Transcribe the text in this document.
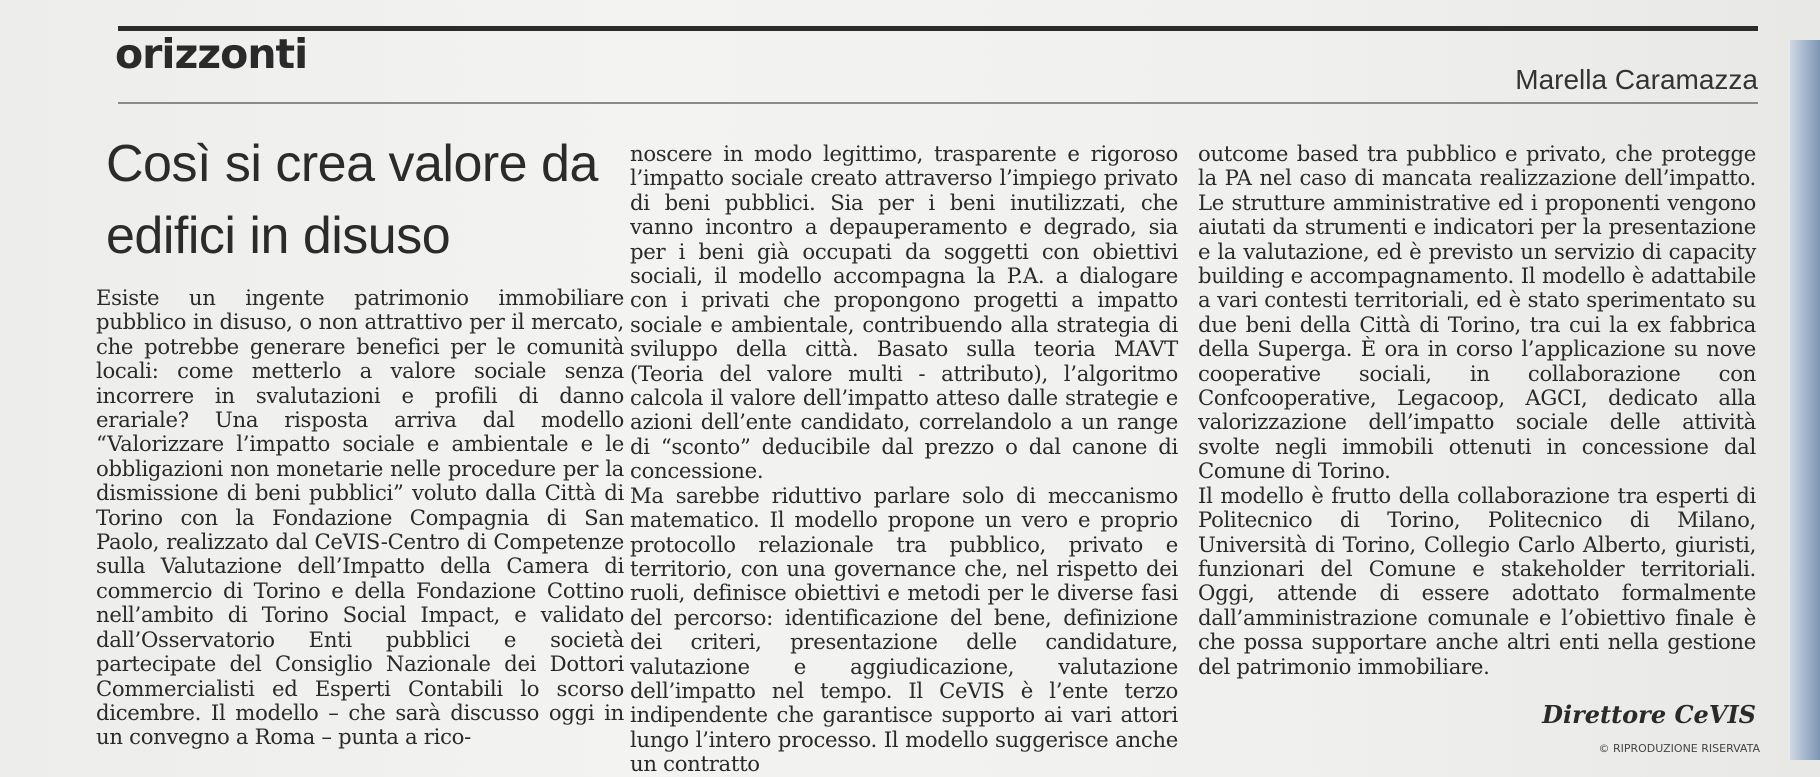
orizzonti
Marella Caramazza
Così si crea valore da edifici in disuso

Esiste un ingente patrimonio immobiliare pubblico in disuso, o non attrattivo per il mercato, che potrebbe generare benefici per le comunità locali: come metterlo a valore sociale senza incorrere in svalutazioni e profili di danno erariale? Una risposta arriva dal modello “Valorizzare l’impatto sociale e ambientale e le obbligazioni non monetarie nelle procedure per la dismissione di beni pubblici” voluto dalla Città di Torino con la Fondazione Compagnia di San Paolo, realizzato dal CeVIS-Centro di Competenze sulla Valutazione dell’Impatto della Camera di commercio di Torino e della Fondazione Cottino nell’ambito di Torino Social Impact, e validato dall’Osservatorio Enti pubblici e società partecipate del Consiglio Nazionale dei Dottori Commercialisti ed Esperti Contabili lo scorso dicembre. Il modello – che sarà discusso oggi in un convegno a Roma – punta a rico-

noscere in modo legittimo, trasparente e rigoroso l’impatto sociale creato attraverso l’impiego privato di beni pubblici. Sia per i beni inutilizzati, che vanno incontro a depauperamento e degrado, sia per i beni già occupati da soggetti con obiettivi sociali, il modello accompagna la P.A. a dialogare con i privati che propongono progetti a impatto sociale e ambientale, contribuendo alla strategia di sviluppo della città. Basato sulla teoria MAVT (Teoria del valore multi - attributo), l’algoritmo calcola il valore dell’impatto atteso dalle strategie e azioni dell’ente candidato, correlandolo a un range di “sconto” deducibile dal prezzo o dal canone di concessione.

Ma sarebbe riduttivo parlare solo di meccanismo matematico. Il modello propone un vero e proprio protocollo relazionale tra pubblico, privato e territorio, con una governance che, nel rispetto dei ruoli, definisce obiettivi e metodi per le diverse fasi del percorso: identificazione del bene, definizione dei criteri, presentazione delle candidature, valutazione e aggiudicazione, valutazione dell’impatto nel tempo. Il CeVIS è l’ente terzo indipendente che garantisce supporto ai vari attori lungo l’intero processo. Il modello suggerisce anche un contratto

outcome based tra pubblico e privato, che protegge la PA nel caso di mancata realizzazione dell’impatto. Le strutture amministrative ed i proponenti vengono aiutati da strumenti e indicatori per la presentazione e la valutazione, ed è previsto un servizio di capacity building e accompagnamento. Il modello è adattabile a vari contesti territoriali, ed è stato sperimentato su due beni della Città di Torino, tra cui la ex fabbrica della Superga. È ora in corso l’applicazione su nove cooperative sociali, in collaborazione con Confcooperative, Legacoop, AGCI, dedicato alla valorizzazione dell’impatto sociale delle attività svolte negli immobili ottenuti in concessione dal Comune di Torino.

Il modello è frutto della collaborazione tra esperti di Politecnico di Torino, Politecnico di Milano, Università di Torino, Collegio Carlo Alberto, giuristi, funzionari del Comune e stakeholder territoriali. Oggi, attende di essere adottato formalmente dall’amministrazione comunale e l’obiettivo finale è che possa supportare anche altri enti nella gestione del patrimonio immobiliare.

Direttore CeVIS
© RIPRODUZIONE RISERVATA
